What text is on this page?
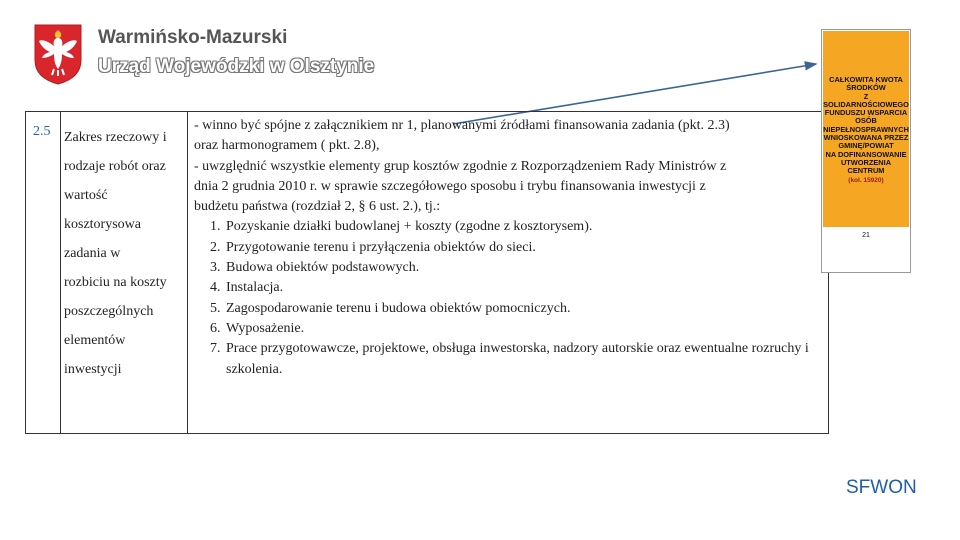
Warmińsko-Mazurski
Urząd Wojewódzki w Olsztynie
2.5 Zakres rzeczowy i
rodzaje robót oraz
wartość
kosztorysowa
zadania w
rozbiciu na koszty
poszczególnych
elementów
inwestycji
- winno być spójne z załącznikiem nr 1, planowanymi źródłami finansowania zadania (pkt. 2.3)
oraz harmonogramem ( pkt. 2.8),
- uwzględnić wszystkie elementy grup kosztów zgodnie z Rozporządzeniem Rady Ministrów z
dnia 2 grudnia 2010 r. w sprawie szczegółowego sposobu i trybu finansowania inwestycji z
budżetu państwa (rozdział 2, § 6 ust. 2.), tj.:
1. Pozyskanie działki budowlanej + koszty (zgodne z kosztorysem).
2. Przygotowanie terenu i przyłączenia obiektów do sieci.
3. Budowa obiektów podstawowych.
4. Instalacja.
5. Zagospodarowanie terenu i budowa obiektów pomocniczych.
6. Wyposażenie.
7. Prace przygotowawcze, projektowe, obsługa inwestorska, nadzory autorskie oraz ewentualne rozruchy i szkolenia.
CAŁKOWITA KWOTA
ŚRODKÓW
Z
SOLIDARNOŚCIOWEGO
FUNDUSZU WSPARCIA
OSÓB
NIEPEŁNOSPRAWNYCH
WNIOSKOWANA PRZEZ
GMINĘ/POWIAT
NA DOFINANSOWANIE
UTWORZENIA
CENTRUM
(kol. 15920)
21
SFWON
